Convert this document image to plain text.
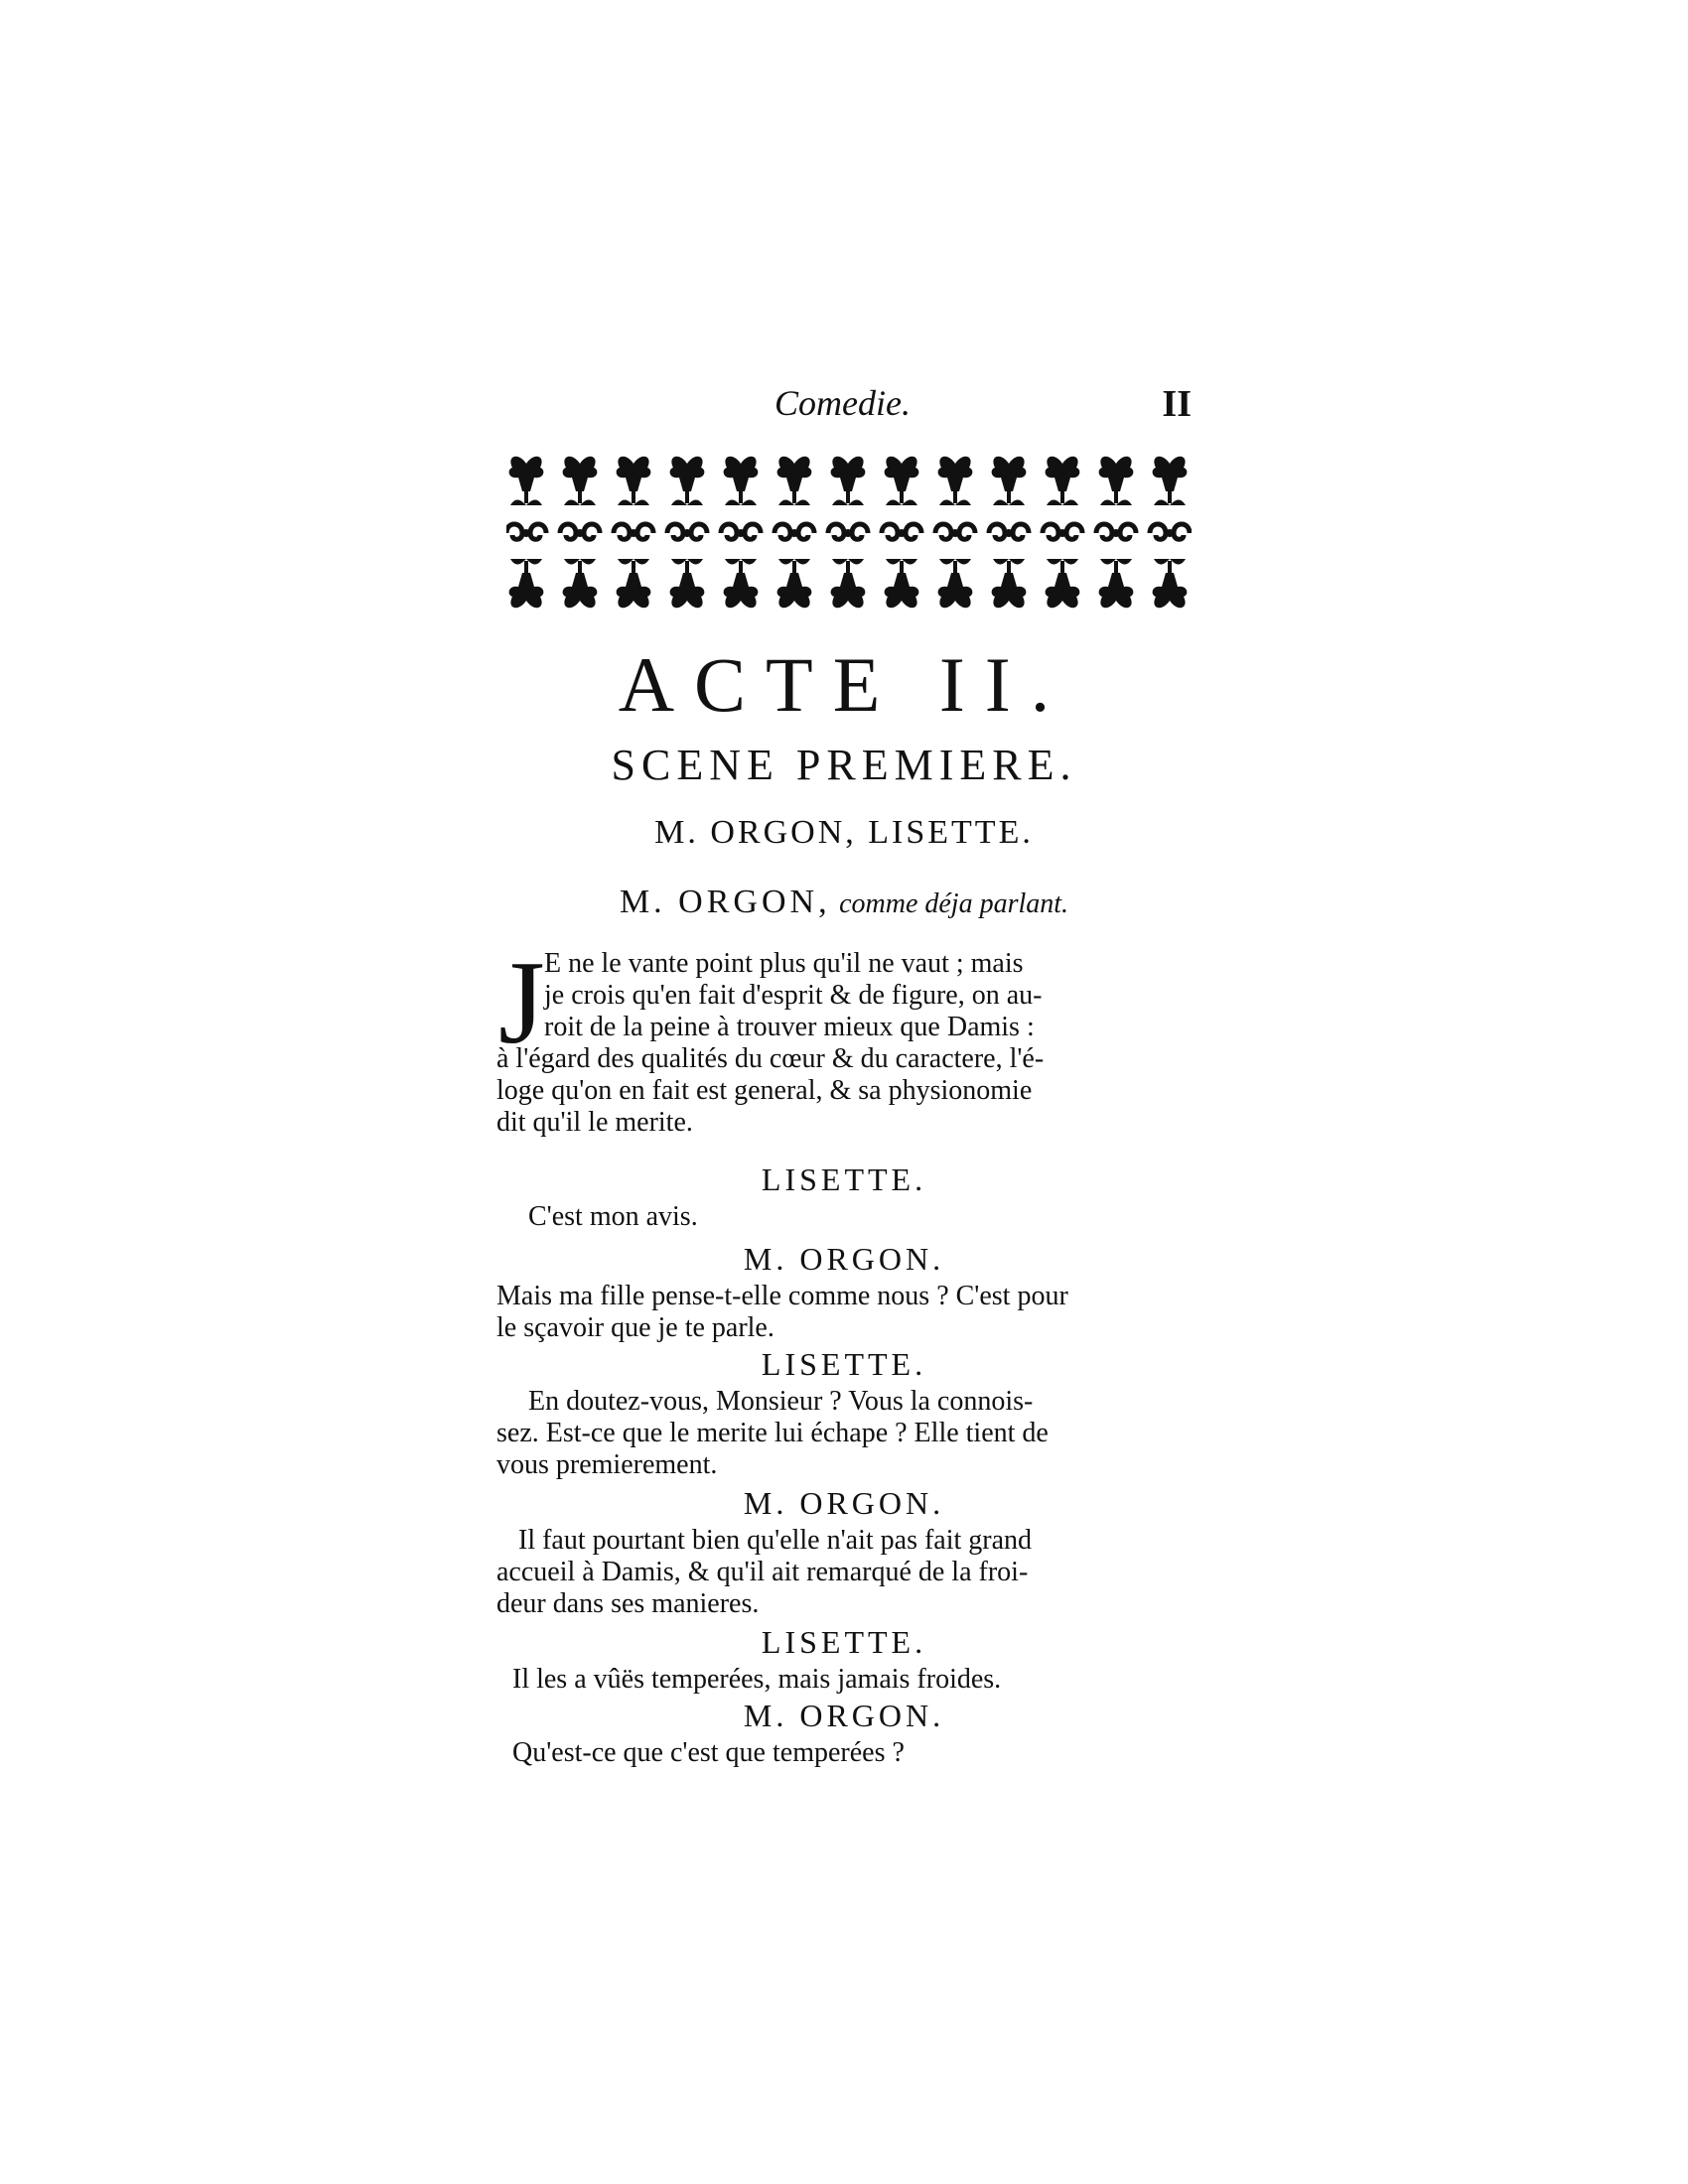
Comedie.	II
ACTE II.
SCENE PREMIERE.
M. ORGON, LISETTE.
M. ORGON, comme déja parlant.
J E ne le vante point plus qu'il ne vaut ; mais
je crois qu'en fait d'esprit & de figure, on au-
roit de la peine à trouver mieux que Damis :
à l'égard des qualités du cœur & du caractere, l'é-
loge qu'on en fait est general, & sa physionomie
dit qu'il le merite.
LISETTE.
C'est mon avis.
M. ORGON.
Mais ma fille pense-t-elle comme nous ? C'est pour
le sçavoir que je te parle.
LISETTE.
En doutez-vous, Monsieur ? Vous la connois-
sez. Est-ce que le merite lui échape ? Elle tient de
vous premierement.
M. ORGON.
Il faut pourtant bien qu'elle n'ait pas fait grand
accueil à Damis, & qu'il ait remarqué de la froi-
deur dans ses manieres.
LISETTE.
Il les a vûës temperées, mais jamais froides.
M. ORGON.
Qu'est-ce que c'est que temperées ?
